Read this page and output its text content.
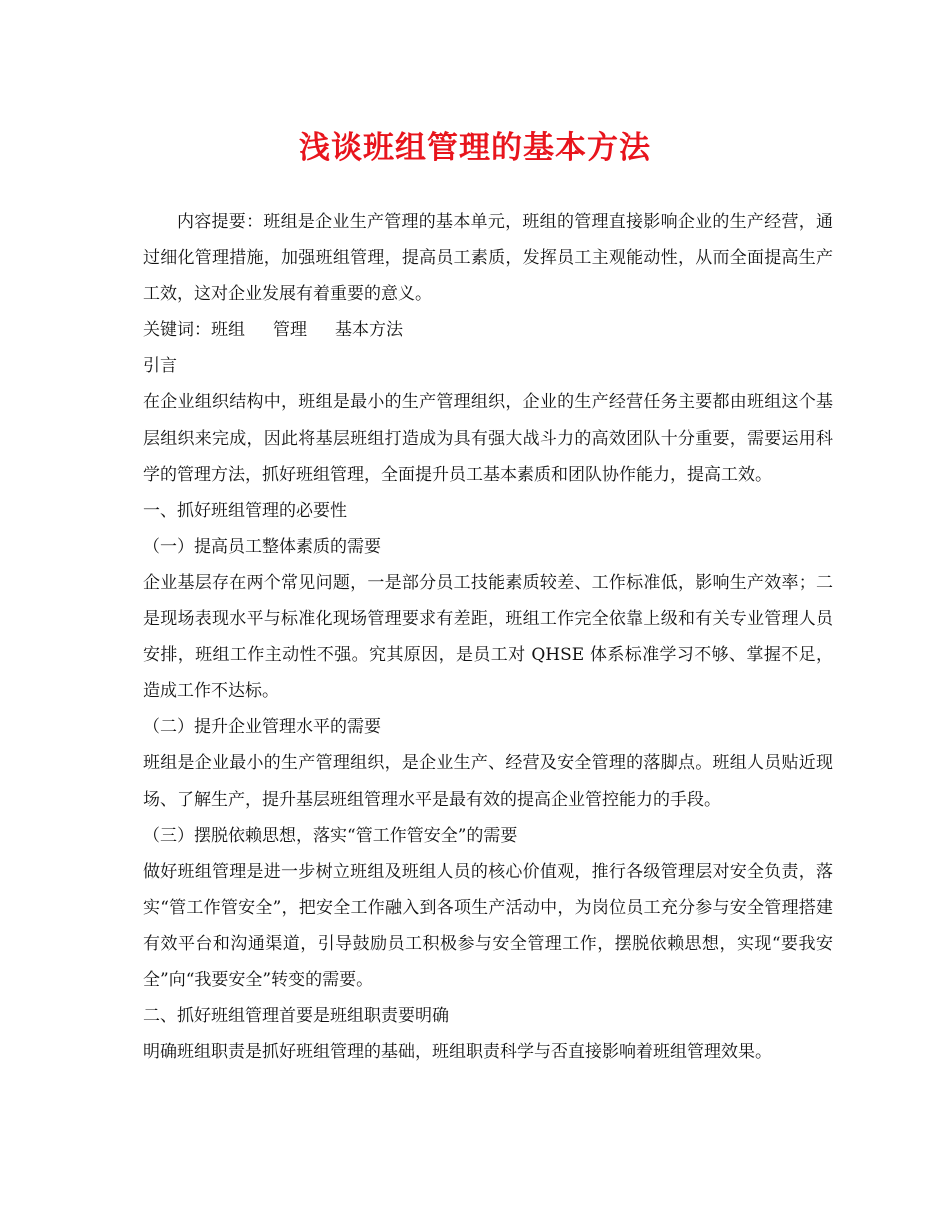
浅谈班组管理的基本方法

内容提要：班组是企业生产管理的基本单元，班组的管理直接影响企业的生产经营，通过细化管理措施，加强班组管理，提高员工素质，发挥员工主观能动性，从而全面提高生产工效，这对企业发展有着重要的意义。

关键词：班组 管理 基本方法

引言

在企业组织结构中，班组是最小的生产管理组织，企业的生产经营任务主要都由班组这个基层组织来完成，因此将基层班组打造成为具有强大战斗力的高效团队十分重要，需要运用科学的管理方法，抓好班组管理，全面提升员工基本素质和团队协作能力，提高工效。

一、抓好班组管理的必要性

（一）提高员工整体素质的需要

企业基层存在两个常见问题，一是部分员工技能素质较差、工作标准低，影响生产效率；二是现场表现水平与标准化现场管理要求有差距，班组工作完全依靠上级和有关专业管理人员安排，班组工作主动性不强。究其原因，是员工对 QHSE 体系标准学习不够、掌握不足，造成工作不达标。

（二）提升企业管理水平的需要

班组是企业最小的生产管理组织，是企业生产、经营及安全管理的落脚点。班组人员贴近现场、了解生产，提升基层班组管理水平是最有效的提高企业管控能力的手段。

（三）摆脱依赖思想，落实“管工作管安全”的需要

做好班组管理是进一步树立班组及班组人员的核心价值观，推行各级管理层对安全负责，落实“管工作管安全”，把安全工作融入到各项生产活动中，为岗位员工充分参与安全管理搭建有效平台和沟通渠道，引导鼓励员工积极参与安全管理工作，摆脱依赖思想，实现“要我安全”向“我要安全”转变的需要。

二、抓好班组管理首要是班组职责要明确

明确班组职责是抓好班组管理的基础，班组职责科学与否直接影响着班组管理效果。
